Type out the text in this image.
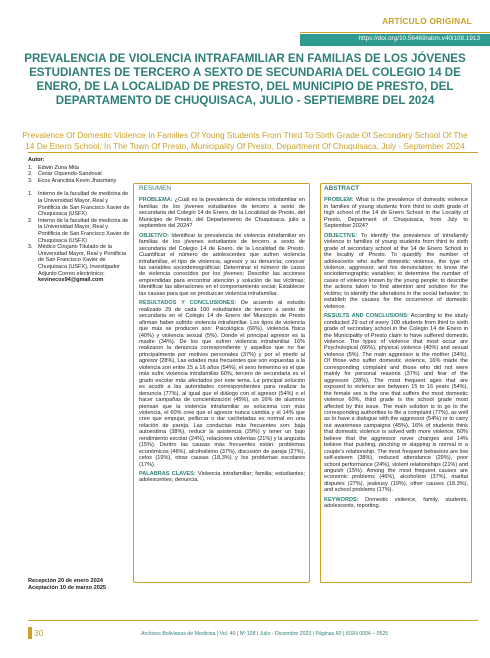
ARTÍCULO ORIGINAL
https://doi.org/10.56469/abm.v40i108.1913
PREVALENCIA DE VIOLENCIA INTRAFAMILIAR EN FAMILIAS DE LOS JÓVENES ESTUDIANTES DE TERCERO A SEXTO DE SECUNDARIA DEL COLEGIO 14 DE ENERO, DE LA LOCALIDAD DE PRESTO, DEL MUNICIPIO DE PRESTO, DEL DEPARTAMENTO DE CHUQUISACA, JULIO - SEPTIEMBRE DEL 2024
Prevalence Of Domestic Violence In Families Of Young Students From Third To Sixth Grade Of Secondary School Of The 14 De Enero School, In The Town Of Presto, Municipality Of Presto, Department Of Chuquisaca, July - September 2024
Autor:
1. Edwin Zuna Mita
2. Cesar Oquendo-Sandoval
3. Ecos Arancibia Kevin Jhasmany
1. Interno de la facultad de medicina de la Universidad Mayor, Real y Pontificia de San Francisco Xavier de Chuquisaca (USFX)
2. Interno de la facultad de medicina de la Universidad Mayor, Real y Pontificia de San Francisco Xavier de Chuquisaca (USFX)
3. Médico Cirujano Titulado de la Universidad Mayor, Real y Pontificia de San Francisco Xavier de Chuquisaca (USFX), Investigador Adjunto Correo electrónico:
kevinecos94@gmail.com
Recepción 20 de enero 2024
Aceptación 10 de marzo 2025
RESUMEN

PROBLEMA: ¿Cuál es la prevalencia de violencia intrafamiliar en familias de los jóvenes estudiantes de tercero a sexto de secundaria del Colegio 14 de Enero, de la Localidad de Presto, del Municipio de Presto, del Departamento de Chuquisaca, julio a septiembre del 2024?

OBJETIVO: Identificar la prevalencia de violencia intrafamiliar en familias de los jóvenes estudiantes de tercero a sexto de secundaria del Colegio 14 de Enero, de la Localidad de Presto. Cuantificar el número de adolescentes que sufren violencia intrafamiliar, el tipo de violencia, agresor y su denuncia; conocer las variables sociodemográficas; Determinar el número de casos de violencia conocidos por los jóvenes; Describir las acciones emprendidas para encontrar atención y solución de las víctimas; Identificar las alteraciones en el comportamiento social; Establecer las causas para que se produzcan violencia intrafamiliar.

RESULTADOS Y CONCLUSIONES: De acuerdo al estudio realizado 29 de cada 100 estudiantes de tercero a sexto de secundaria en el Colegio 14 de Enero del Municipio de Presto afirman haber sufrido violencia intrafamiliar. Los tipos de violencia que más se producen son: Psicológica (66%), violencia física (40%) y violencia sexual (5%). Donde el principal agresor es la madre (34%). De los que sufren violencia intrafamiliar 16% realizaron la denuncia correspondiente y aquellos que no fue principalmente por motivos personales (37%) y por el miedo al agresor (28%), Las edades más frecuentes que son expuestas a la violencia son entre 15 a 16 años (54%), el sexo femenino es el que más sufre violencia intrafamiliar 60%, tercero de secundaria es el grado escolar más afectados por este tema. La principal solución es acudir a las autoridades correspondientes para realizar la denuncia (77%), al igual que el diálogo con el agresor (54%) o el hacer campañas de concientización (45%), un 16% de alumnos piensan que la violencia intrafamiliar se soluciona con más violencia, el 60% cree que el agresor nunca cambia y el 14% que cree que empujar, pellizcar o dar cachetadas es normal en una relación de pareja. Las conductas más frecuentes son: baja autoestima (38%), reducir la asistencia (29%) y tener un bajo rendimiento escolar (24%), relaciones violentas (21%) y la angustia (15%). Dentro las causas más frecuentes están: problemas económicos (46%), alcoholismo (37%), discusión de pareja (27%), celos (19%), otras causas (18,3%) y los problemas escolares (17%).

PALABRAS CLAVES: Violencia intrafamiliar; familia; estudiantes; adolescentes; denuncia.

ABSTRACT

PROBLEM: What is the prevalence of domestic violence in families of young students from third to sixth grade of high school of the 14 de Enero School in the Locality of Presto, Department of Chuquisaca, from July to September 2024?

OBJECTIVE: To identify the prevalence of intrafamily violence in families of young students from third to sixth grade of secondary school at the 14 de Enero School in the locality of Presto. To quantify the number of adolescents who suffer domestic violence, the type of violence, aggressor, and his denunciation; to know the sociodemographic variables; to determine the number of cases of violence known by the young people; to describe the actions taken to find attention and solution for the victims; to identify the alterations in the social behavior; to establish the causes for the occurrence of domestic violence.

RESULTS AND CONCLUSIONS: According to the study conducted 29 out of every 100 students from third to sixth grade of secondary school in the Colegio 14 de Enero in the Municipality of Presto claim to have suffered domestic violence. The types of violence that most occur are Psychological (66%), physical violence (40%) and sexual violence (5%). The main aggressor is the mother (34%). Of those who suffer domestic violence, 16% made the corresponding complaint and those who did not were mainly for personal reasons (37%) and fear of the aggressor (28%), The most frequent ages that are exposed to violence are between 15 to 16 years (54%), the female sex is the one that suffers the most domestic violence 60%, third grade is the school grade most affected by this issue. The main solution is to go to the corresponding authorities to file a complaint (77%), as well as to have a dialogue with the aggressor (54%) or to carry out awareness campaigns (45%), 16% of students think that domestic violence is solved with more violence, 60% believe that the aggressor never changes and 14% believe that pushing, pinching or slapping is normal in a couple's relationship. The most frequent behaviors are low self-esteem (38%), reduced attendance (29%), poor school performance (24%), violent relationships (21%) and anguish (15%). Among the most frequent causes are economic problems (46%), alcoholism (37%), marital disputes (27%), jealousy (19%), other causes (18.3%), and school problems (17%).

KEYWORDS: Domestic violence, family, students, adolescents, reporting.

30	Archivos Bolivianos de Medicina | Vol. 40 | Nº 108 | Julio - Diciembre 2023 | Páginas 60 | ISSN 0004 – 0525
